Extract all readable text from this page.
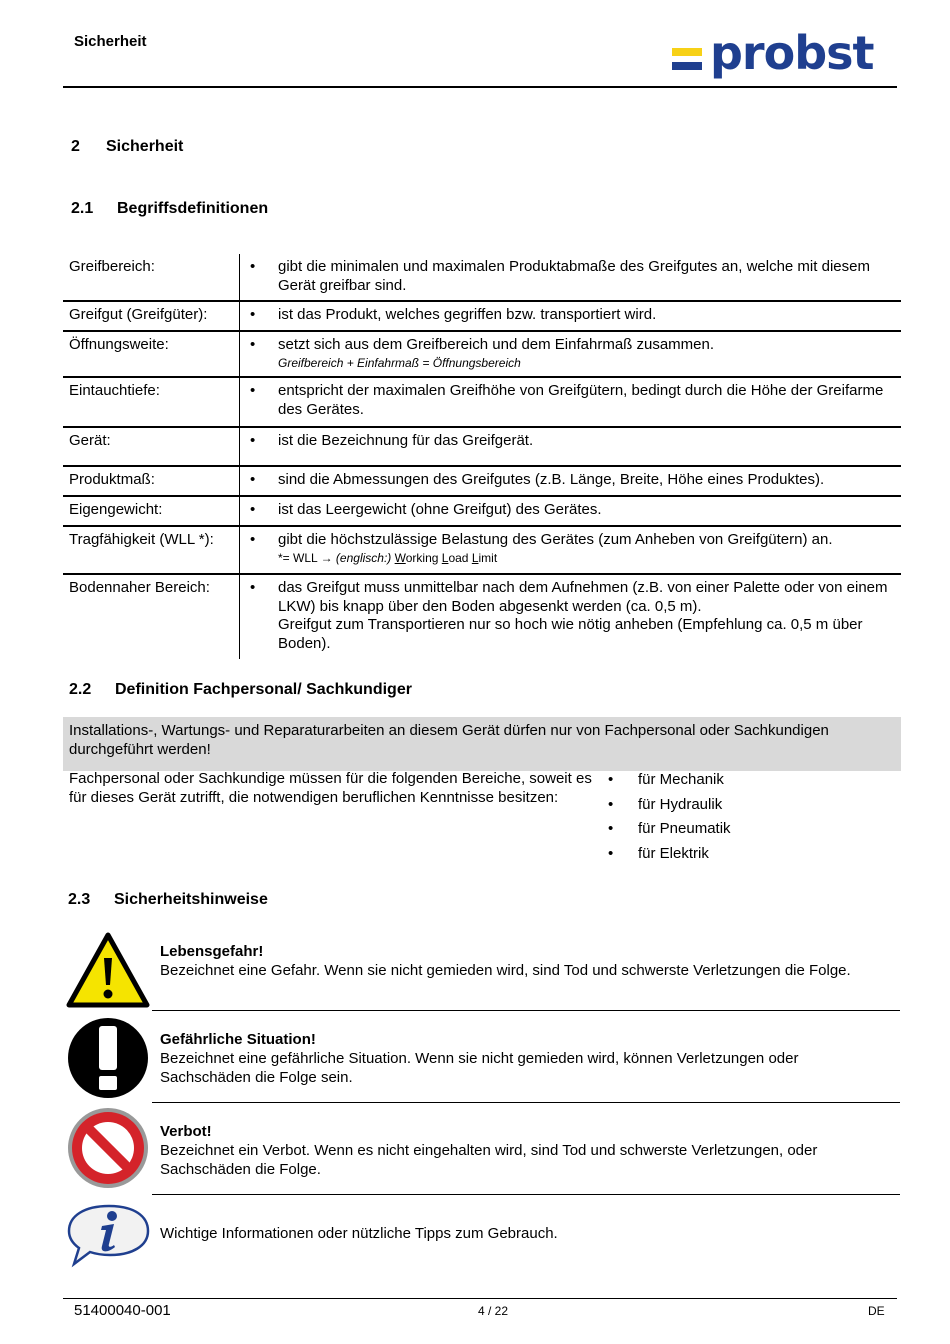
Sicherheit	probst
2 Sicherheit
2.1 Begriffsdefinitionen
Greifbereich:	• gibt die minimalen und maximalen Produktabmaße des Greifgutes an, welche mit diesem Gerät greifbar sind.
Greifgut (Greifgüter):	• ist das Produkt, welches gegriffen bzw. transportiert wird.
Öffnungsweite:	• setzt sich aus dem Greifbereich und dem Einfahrmaß zusammen.
Greifbereich + Einfahrmaß = Öffnungsbereich
Eintauchtiefe:	• entspricht der maximalen Greifhöhe von Greifgütern, bedingt durch die Höhe der Greifarme des Gerätes.
Gerät:	• ist die Bezeichnung für das Greifgerät.
Produktmaß:	• sind die Abmessungen des Greifgutes (z.B. Länge, Breite, Höhe eines Produktes).
Eigengewicht:	• ist das Leergewicht (ohne Greifgut) des Gerätes.
Tragfähigkeit (WLL *):	• gibt die höchstzulässige Belastung des Gerätes (zum Anheben von Greifgütern) an.
*= WLL → (englisch:) Working Load Limit
Bodennaher Bereich:	• das Greifgut muss unmittelbar nach dem Aufnehmen (z.B. von einer Palette oder von einem LKW) bis knapp über den Boden abgesenkt werden (ca. 0,5 m).
Greifgut zum Transportieren nur so hoch wie nötig anheben (Empfehlung ca. 0,5 m über Boden).
2.2 Definition Fachpersonal/ Sachkundiger
Installations-, Wartungs- und Reparaturarbeiten an diesem Gerät dürfen nur von Fachpersonal oder Sachkundigen durchgeführt werden!
Fachpersonal oder Sachkundige müssen für die folgenden Bereiche, soweit es für dieses Gerät zutrifft, die notwendigen beruflichen Kenntnisse besitzen:
• für Mechanik
• für Hydraulik
• für Pneumatik
• für Elektrik
2.3 Sicherheitshinweise
Lebensgefahr!
Bezeichnet eine Gefahr. Wenn sie nicht gemieden wird, sind Tod und schwerste Verletzungen die Folge.
Gefährliche Situation!
Bezeichnet eine gefährliche Situation. Wenn sie nicht gemieden wird, können Verletzungen oder Sachschäden die Folge sein.
Verbot!
Bezeichnet ein Verbot. Wenn es nicht eingehalten wird, sind Tod und schwerste Verletzungen, oder Sachschäden die Folge.
Wichtige Informationen oder nützliche Tipps zum Gebrauch.
51400040-001	4 / 22	DE
